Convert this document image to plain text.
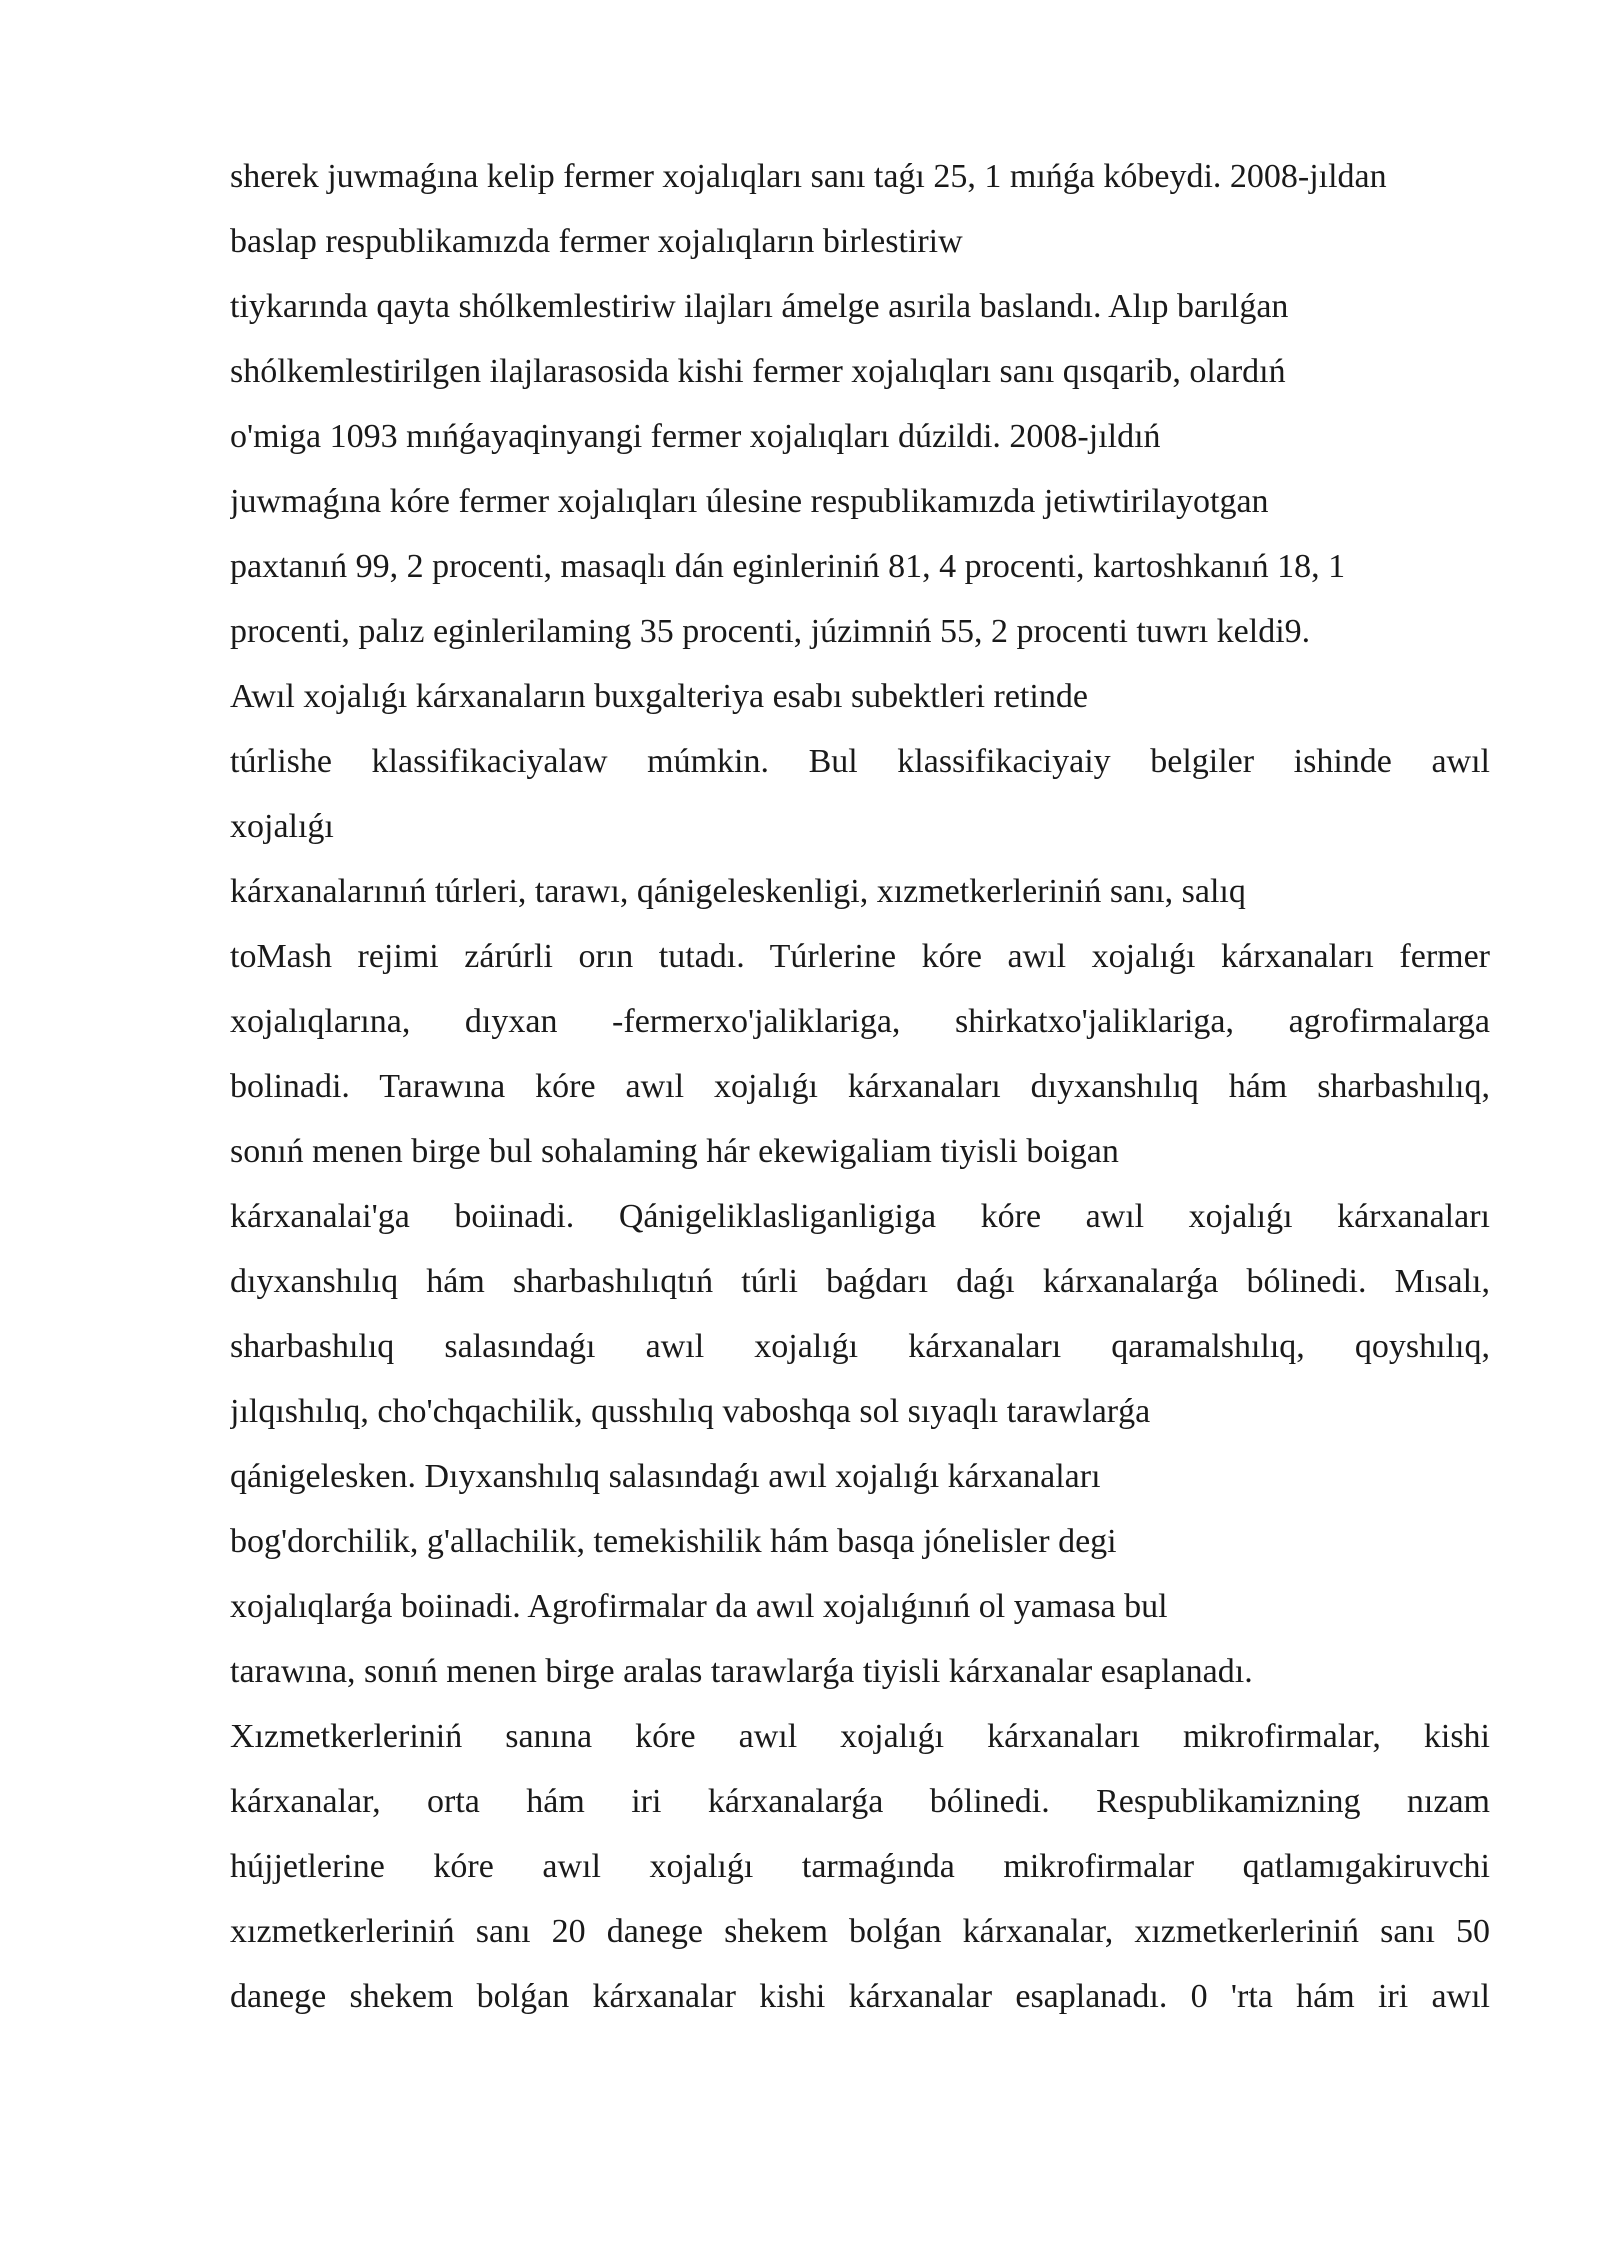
sherek juwmaǵına kelip fermer xojalıqları sanı taǵı 25, 1 mıńǵa kóbeydi. 2008-jıldan
baslap respublikamızda fermer xojalıqların birlestiriw
tiykarında qayta shólkemlestiriw ilajları ámelge asırila baslandı. Alıp barılǵan
shólkemlestirilgen ilajlarasosida kishi fermer xojalıqları sanı qısqarib, olardıń
o'miga 1093 mıńǵayaqinyangi fermer xojalıqları dúzildi. 2008-jıldıń
juwmaǵına kóre fermer xojalıqları úlesine respublikamızda jetiwtirilayotgan
paxtanıń 99, 2 procenti, masaqlı dán eginleriniń 81, 4 procenti, kartoshkanıń 18, 1
procenti, palız eginlerilaming 35 procenti, júzimniń 55, 2 procenti tuwrı keldi9.
Awıl xojalıǵı kárxanaların buxgalteriya esabı subektleri retinde
túrlishe klassifikaciyalaw múmkin. Bul klassifikaciyaiy belgiler ishinde awıl
xojalıǵı
kárxanalarınıń túrleri, tarawı, qánigeleskenligi, xızmetkerleriniń sanı, salıq
toMash rejimi zárúrli orın tutadı. Túrlerine kóre awıl xojalıǵı kárxanaları fermer
xojalıqlarına, dıyxan -fermerxo'jaliklariga, shirkatxo'jaliklariga, agrofirmalarga
bolinadi. Tarawına kóre awıl xojalıǵı kárxanaları dıyxanshılıq hám sharbashılıq,
sonıń menen birge bul sohalaming hár ekewigaliam tiyisli boigan
kárxanalai'ga boiinadi. Qánigeliklasliganligiga kóre awıl xojalıǵı kárxanaları
dıyxanshılıq hám sharbashılıqtıń túrli baǵdarı daǵı kárxanalarǵa bólinedi. Mısalı,
sharbashılıq salasındaǵı awıl xojalıǵı kárxanaları qaramalshılıq, qoyshılıq,
jılqıshılıq, cho'chqachilik, qusshılıq vaboshqa sol sıyaqlı tarawlarǵa
qánigelesken. Dıyxanshılıq salasındaǵı awıl xojalıǵı kárxanaları
bog'dorchilik, g'allachilik, temekishilik hám basqa jónelisler degi
xojalıqlarǵa boiinadi. Agrofirmalar da awıl xojalıǵınıń ol yamasa bul
tarawına, sonıń menen birge aralas tarawlarǵa tiyisli kárxanalar esaplanadı.
Xızmetkerleriniń sanına kóre awıl xojalıǵı kárxanaları mikrofirmalar, kishi
kárxanalar, orta hám iri kárxanalarǵa bólinedi. Respublikamizning nızam
hújjetlerine kóre awıl xojalıǵı tarmaǵında mikrofirmalar qatlamıgakiruvchi
xızmetkerleriniń sanı 20 danege shekem bolǵan kárxanalar, xızmetkerleriniń sanı 50
danege shekem bolǵan kárxanalar kishi kárxanalar esaplanadı. 0 'rta hám iri awıl
